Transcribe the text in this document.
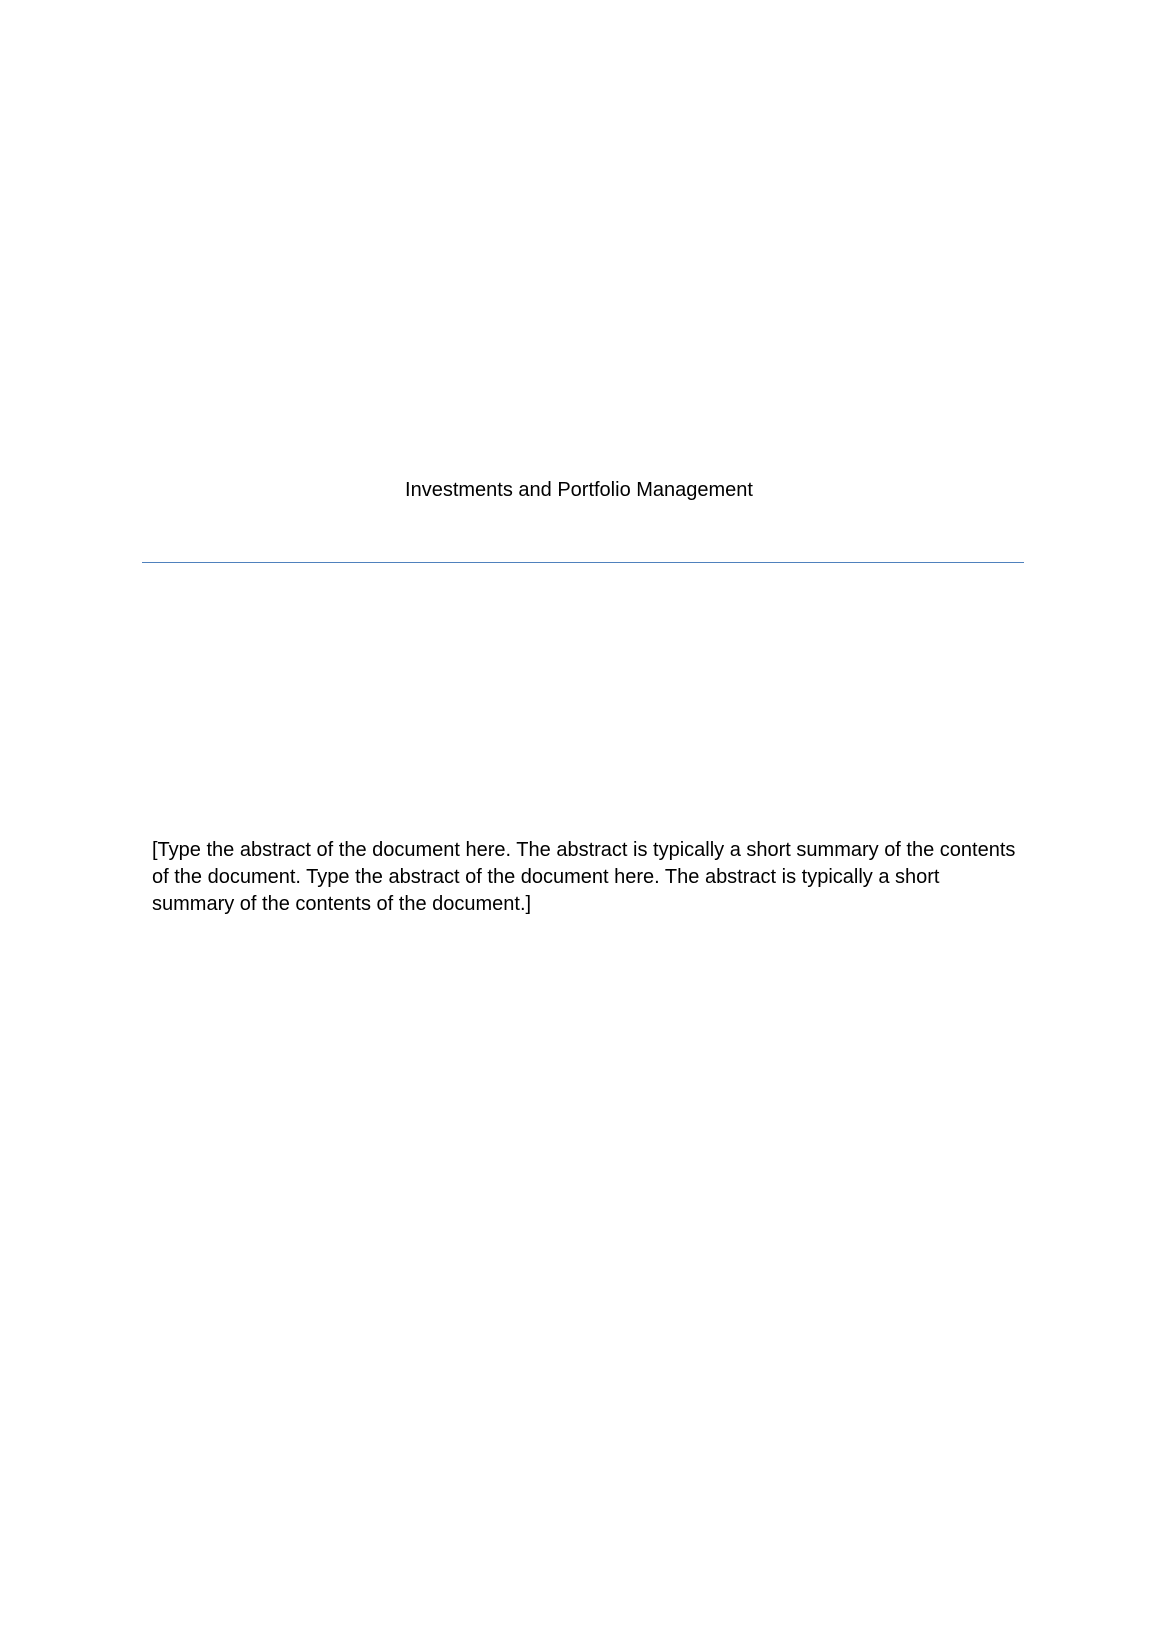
Investments and Portfolio Management
[Type the abstract of the document here. The abstract is typically a short summary of the contents of the document. Type the abstract of the document here. The abstract is typically a short summary of the contents of the document.]
